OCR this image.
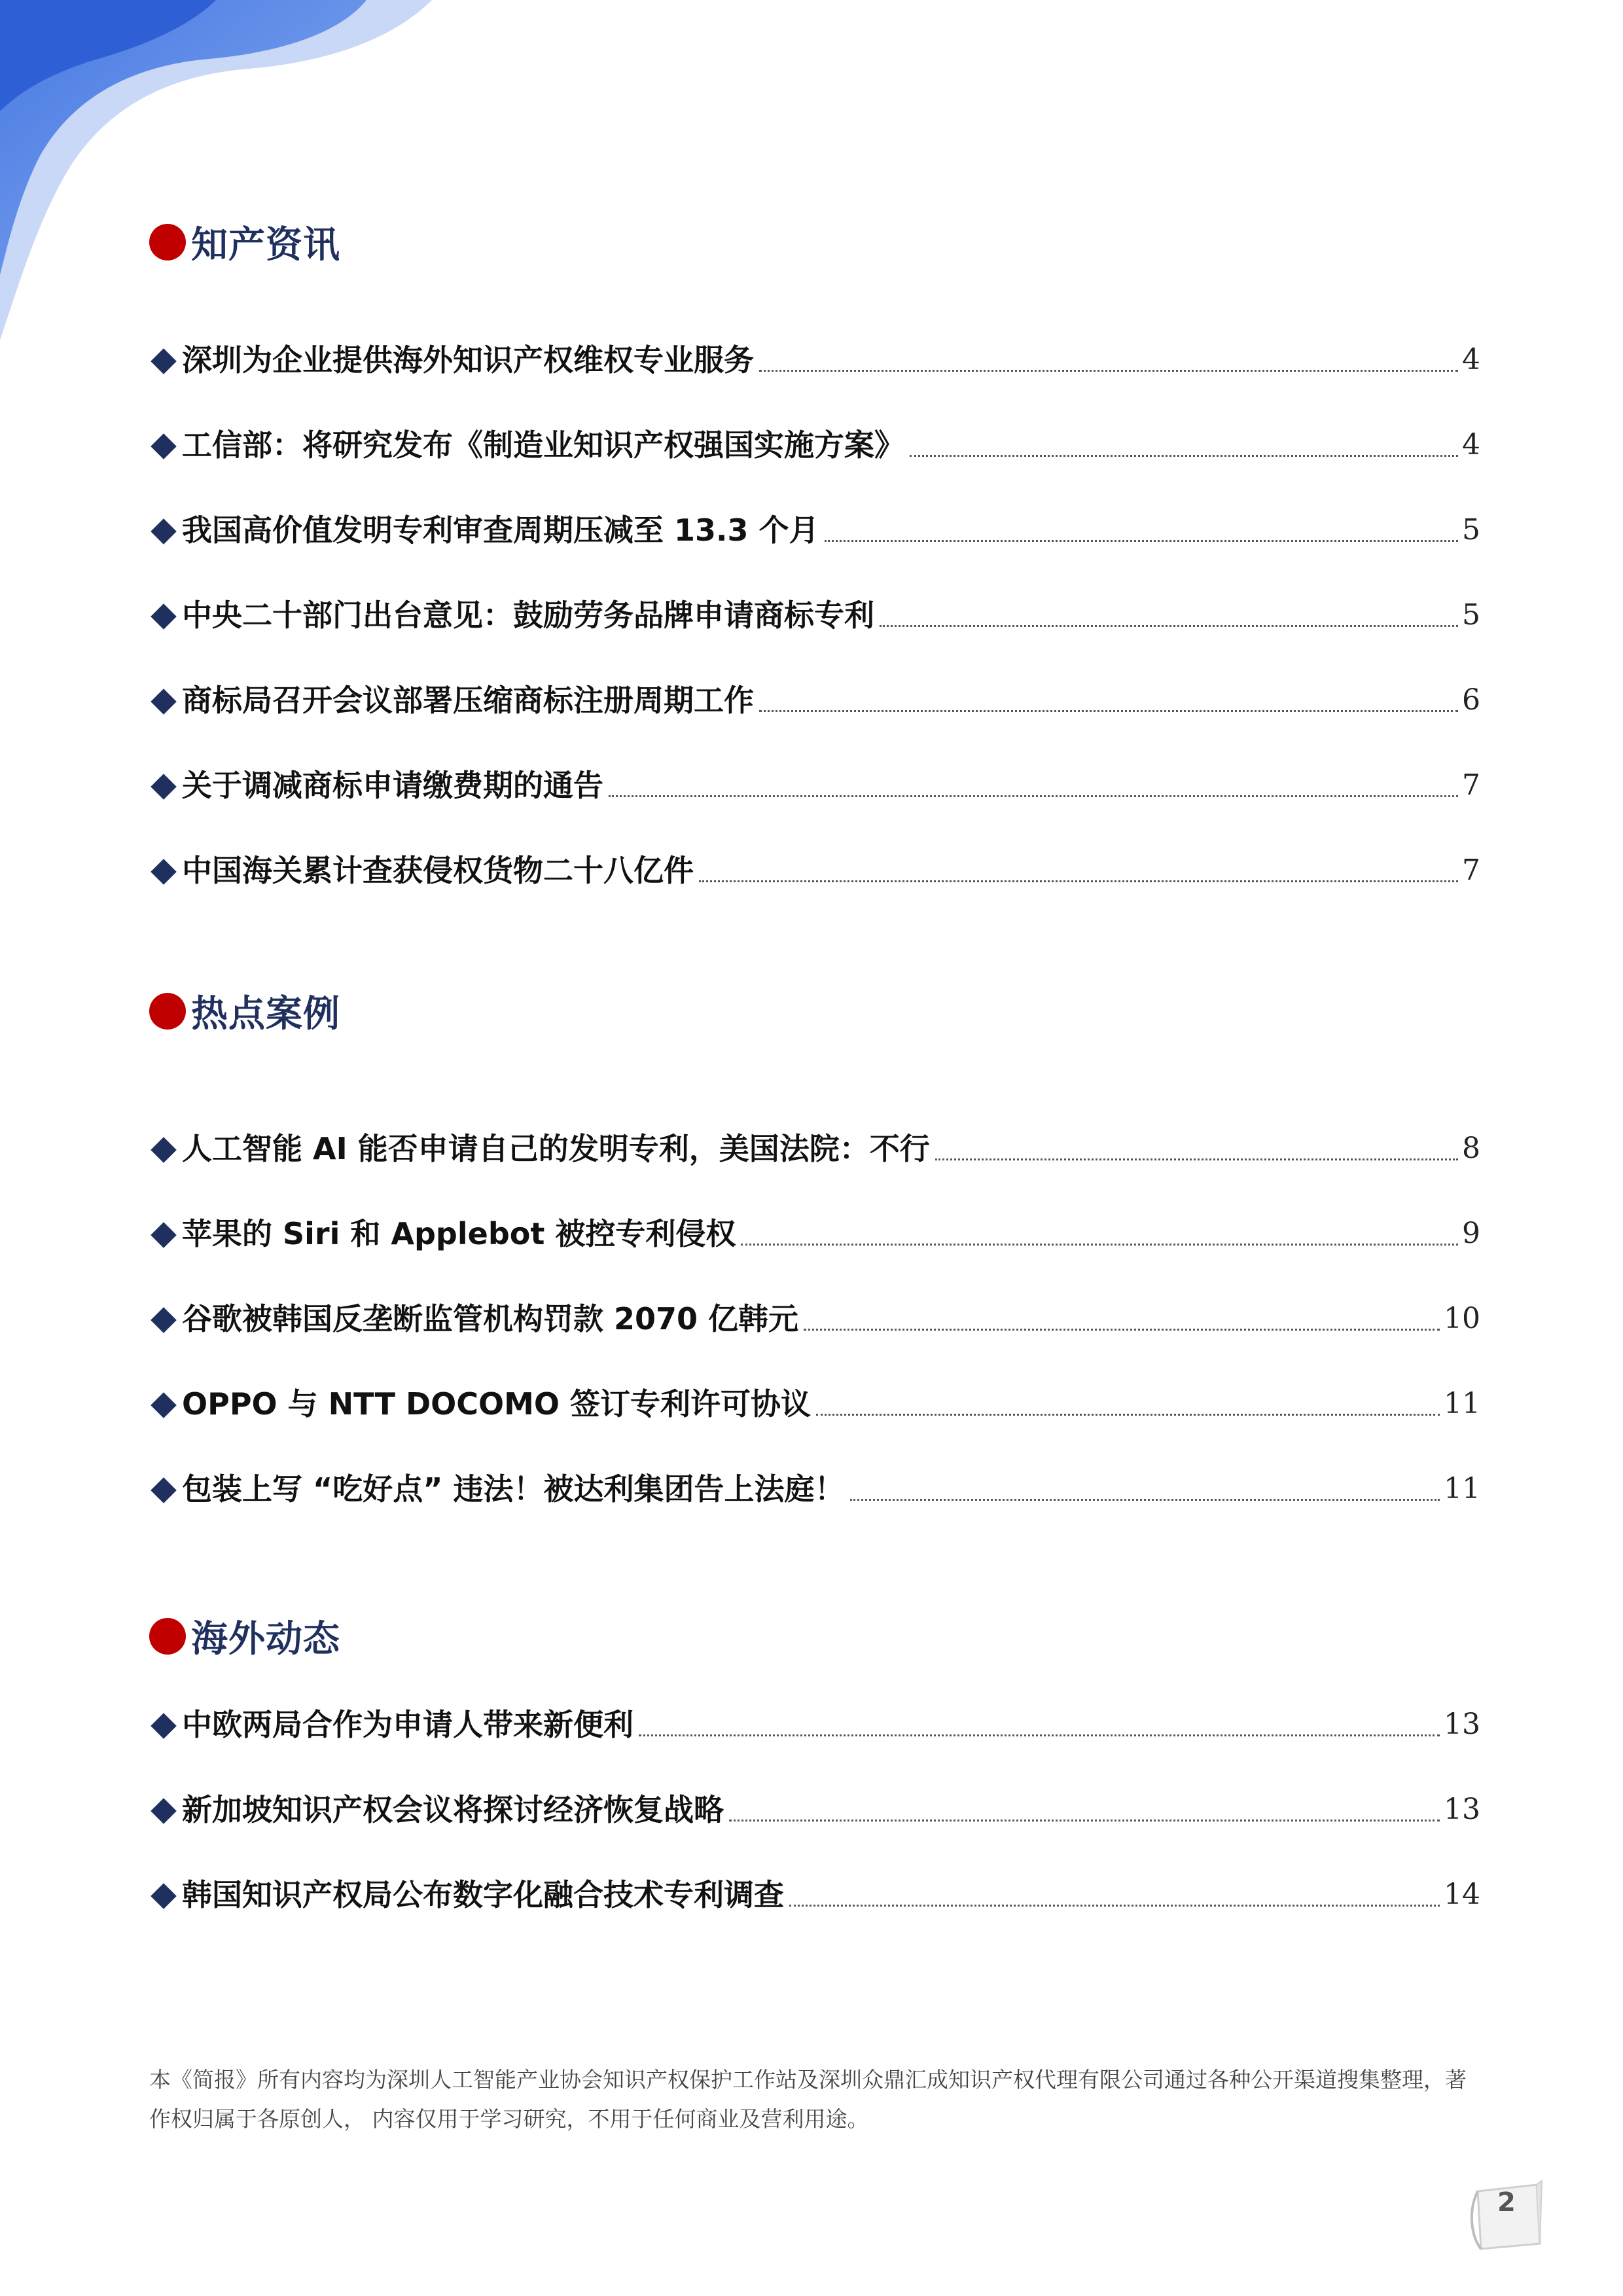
知产资讯
深圳为企业提供海外知识产权维权专业服务	4
工信部：将研究发布《制造业知识产权强国实施方案》	4
我国高价值发明专利审查周期压减至 13.3 个月	5
中央二十部门出台意见：鼓励劳务品牌申请商标专利	5
商标局召开会议部署压缩商标注册周期工作	6
关于调减商标申请缴费期的通告	7
中国海关累计查获侵权货物二十八亿件	7
热点案例
人工智能 AI 能否申请自己的发明专利，美国法院：不行	8
苹果的 Siri 和 Applebot 被控专利侵权	9
谷歌被韩国反垄断监管机构罚款 2070 亿韩元	10
OPPO 与 NTT DOCOMO 签订专利许可协议	11
包装上写 “吃好点” 违法！被达利集团告上法庭！	11
海外动态
中欧两局合作为申请人带来新便利	13
新加坡知识产权会议将探讨经济恢复战略	13
韩国知识产权局公布数字化融合技术专利调查	14
本《简报》所有内容均为深圳人工智能产业协会知识产权保护工作站及深圳众鼎汇成知识产权代理有限公司通过各种公开渠道搜集整理，著作权归属于各原创人， 内容仅用于学习研究，不用于任何商业及营利用途。
2
